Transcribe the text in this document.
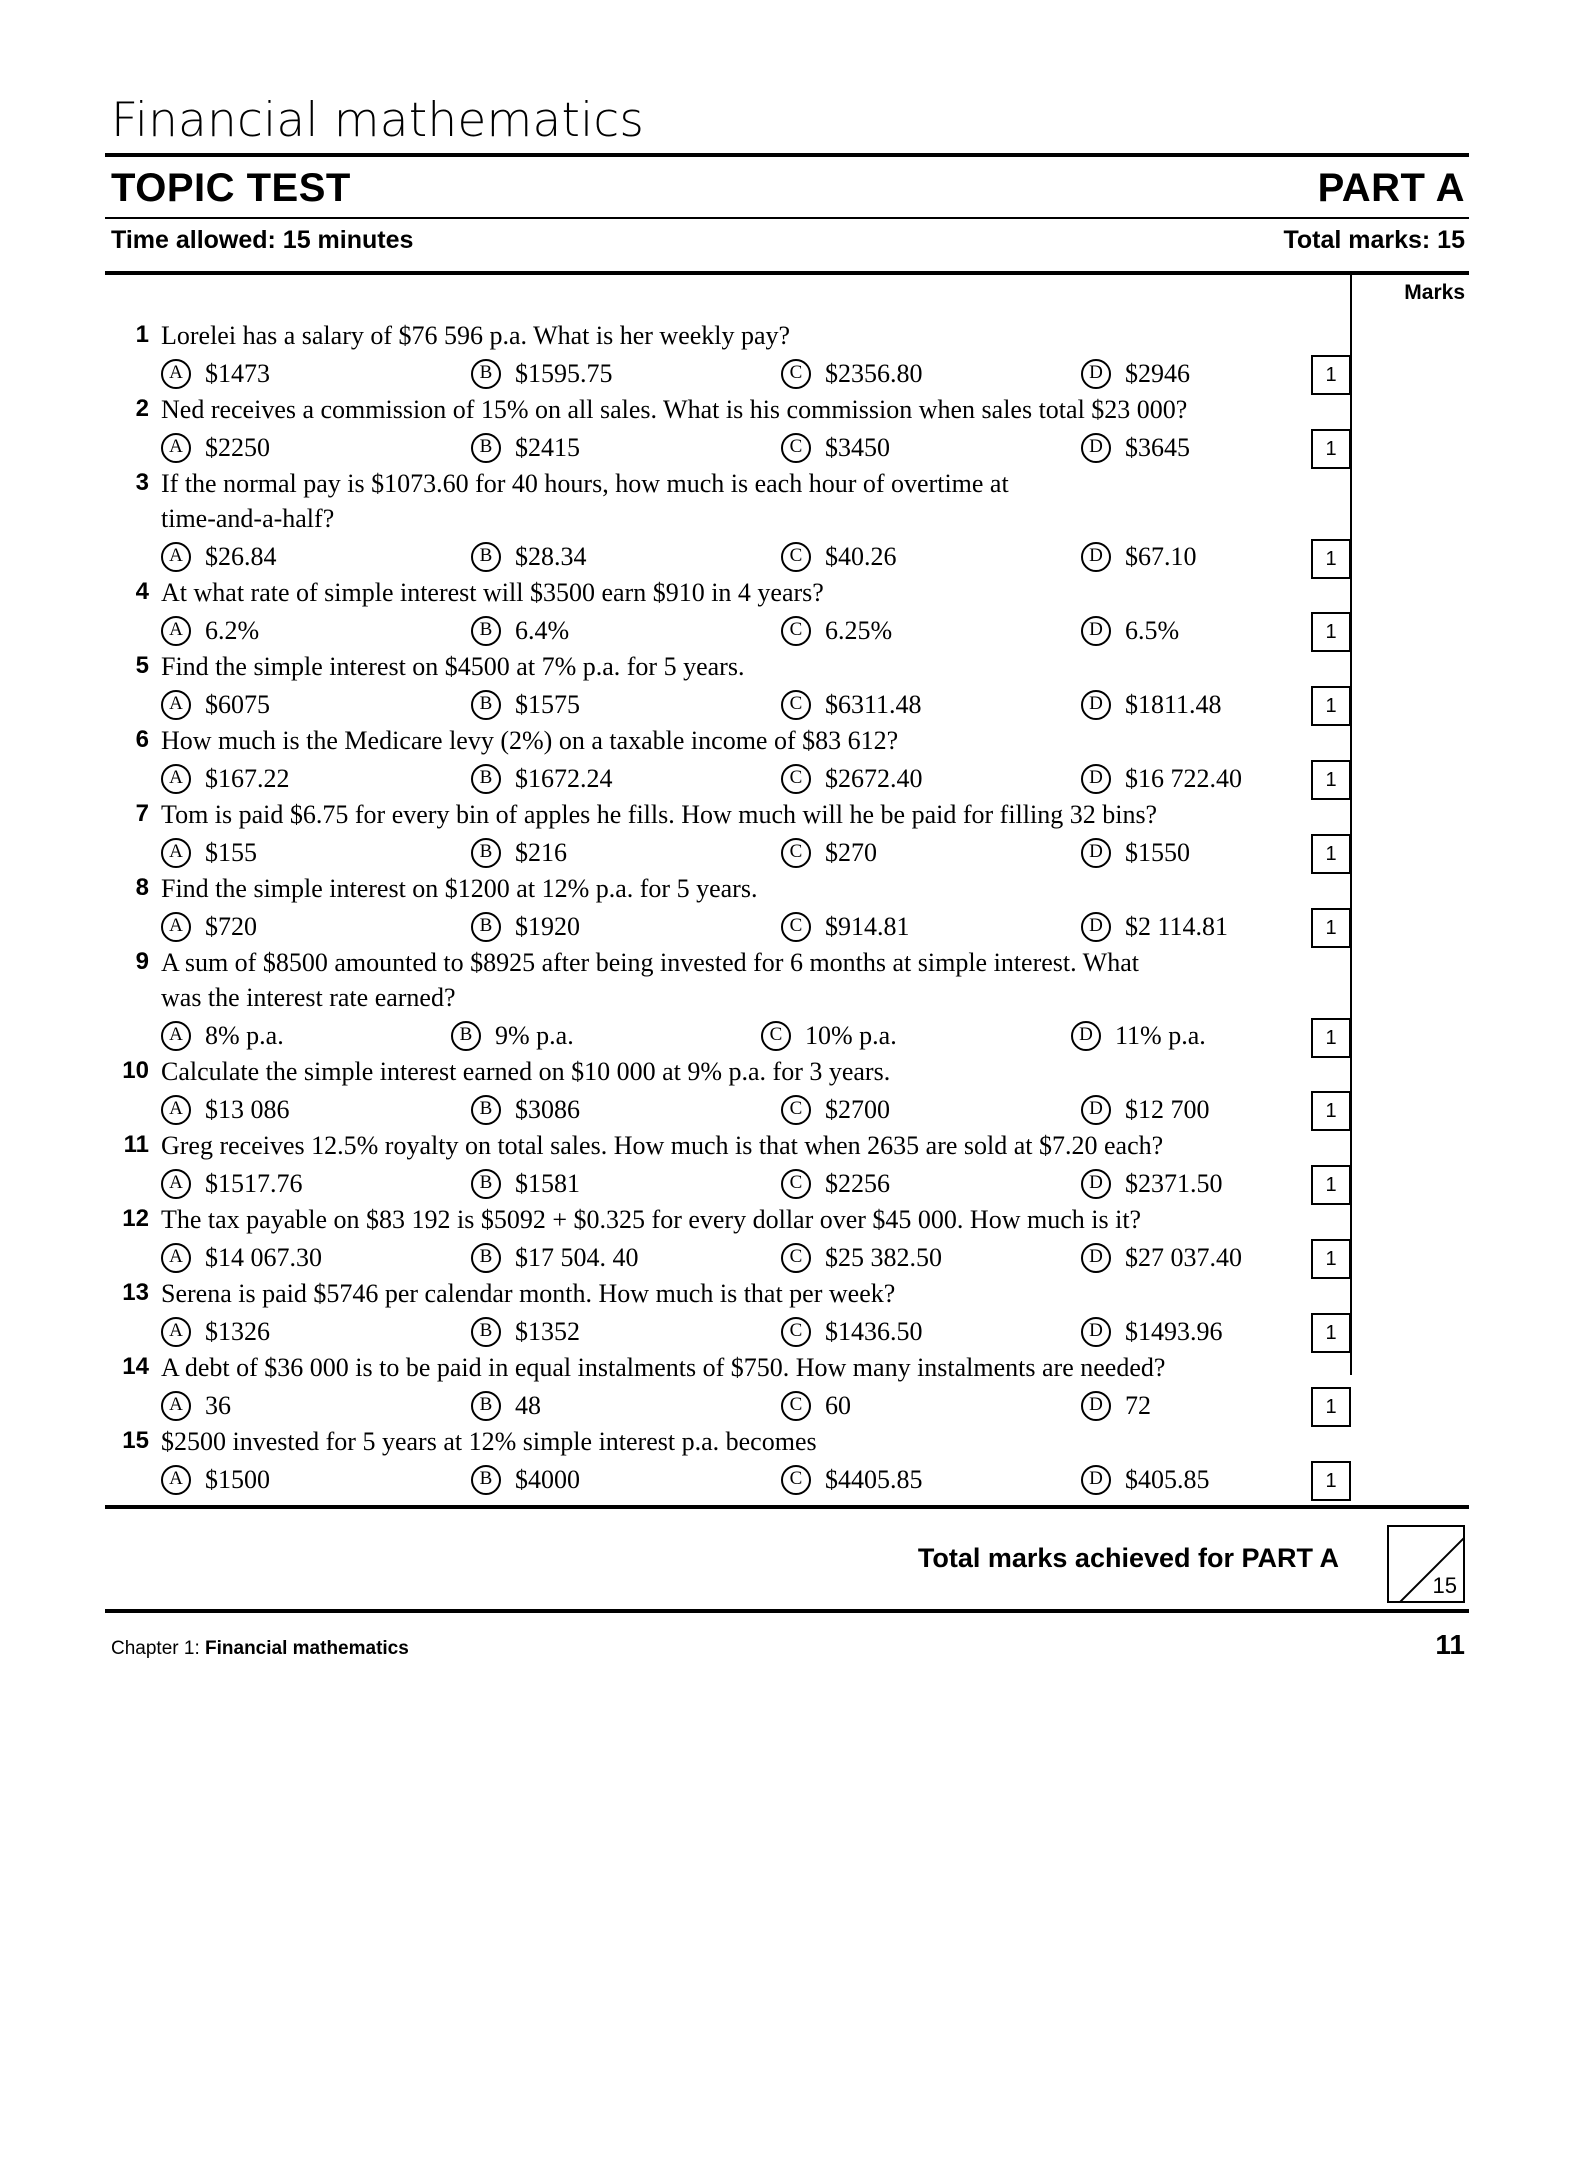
Financial mathematics
TOPIC TEST	PART A
Time allowed: 15 minutes	Total marks: 15
Marks
1 Lorelei has a salary of $76 596 p.a. What is her weekly pay?
A $1473	B $1595.75	C $2356.80	D $2946	1
2 Ned receives a commission of 15% on all sales. What is his commission when sales total $23 000?
A $2250	B $2415	C $3450	D $3645	1
3 If the normal pay is $1073.60 for 40 hours, how much is each hour of overtime at time-and-a-half?
A $26.84	B $28.34	C $40.26	D $67.10	1
4 At what rate of simple interest will $3500 earn $910 in 4 years?
A 6.2%	B 6.4%	C 6.25%	D 6.5%	1
5 Find the simple interest on $4500 at 7% p.a. for 5 years.
A $6075	B $1575	C $6311.48	D $1811.48	1
6 How much is the Medicare levy (2%) on a taxable income of $83 612?
A $167.22	B $1672.24	C $2672.40	D $16 722.40	1
7 Tom is paid $6.75 for every bin of apples he fills. How much will he be paid for filling 32 bins?
A $155	B $216	C $270	D $1550	1
8 Find the simple interest on $1200 at 12% p.a. for 5 years.
A $720	B $1920	C $914.81	D $2 114.81	1
9 A sum of $8500 amounted to $8925 after being invested for 6 months at simple interest. What was the interest rate earned?
A 8% p.a.	B 9% p.a.	C 10% p.a.	D 11% p.a.	1
10 Calculate the simple interest earned on $10 000 at 9% p.a. for 3 years.
A $13 086	B $3086	C $2700	D $12 700	1
11 Greg receives 12.5% royalty on total sales. How much is that when 2635 are sold at $7.20 each?
A $1517.76	B $1581	C $2256	D $2371.50	1
12 The tax payable on $83 192 is $5092 + $0.325 for every dollar over $45 000. How much is it?
A $14 067.30	B $17 504. 40	C $25 382.50	D $27 037.40	1
13 Serena is paid $5746 per calendar month. How much is that per week?
A $1326	B $1352	C $1436.50	D $1493.96	1
14 A debt of $36 000 is to be paid in equal instalments of $750. How many instalments are needed?
A 36	B 48	C 60	D 72	1
15 $2500 invested for 5 years at 12% simple interest p.a. becomes
A $1500	B $4000	C $4405.85	D $405.85	1
Total marks achieved for PART A
15
Chapter 1: Financial mathematics	11
